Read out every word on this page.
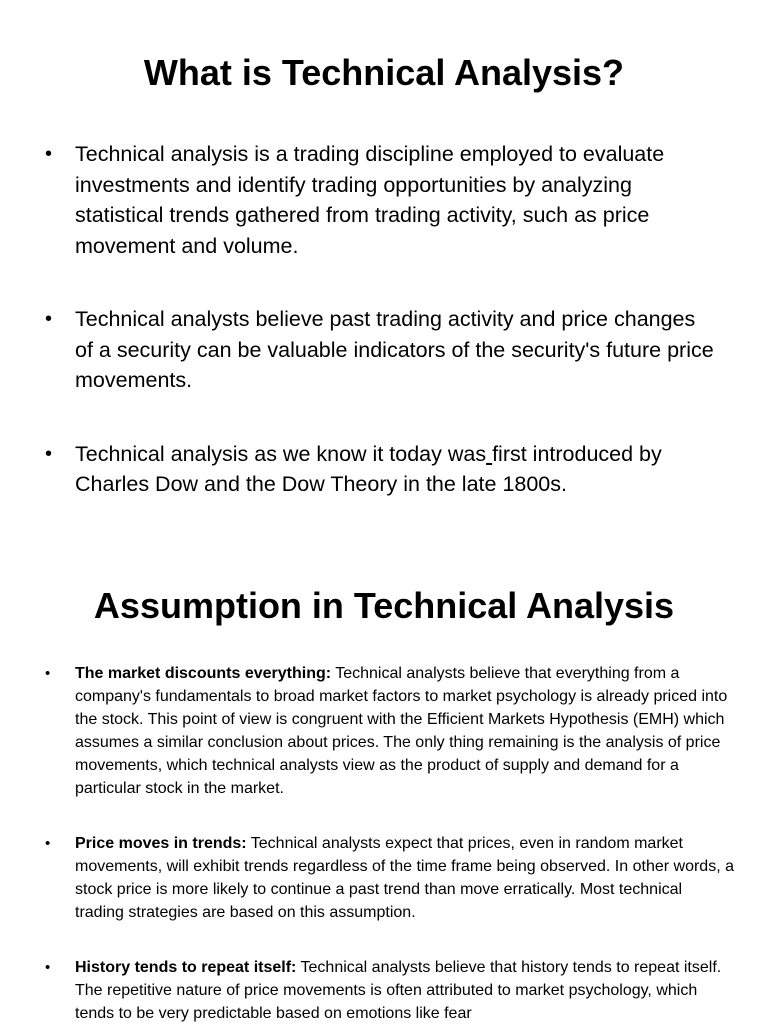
What is Technical Analysis?
• Technical analysis is a trading discipline employed to evaluate investments and identify trading opportunities by analyzing statistical trends gathered from trading activity, such as price movement and volume.
• Technical analysts believe past trading activity and price changes of a security can be valuable indicators of the security's future price movements.
• Technical analysis as we know it today was first introduced by Charles Dow and the Dow Theory in the late 1800s.
Assumption in Technical Analysis
• The market discounts everything: Technical analysts believe that everything from a company's fundamentals to broad market factors to market psychology is already priced into the stock. This point of view is congruent with the Efficient Markets Hypothesis (EMH) which assumes a similar conclusion about prices. The only thing remaining is the analysis of price movements, which technical analysts view as the product of supply and demand for a particular stock in the market.
• Price moves in trends: Technical analysts expect that prices, even in random market movements, will exhibit trends regardless of the time frame being observed. In other words, a stock price is more likely to continue a past trend than move erratically. Most technical trading strategies are based on this assumption.
• History tends to repeat itself: Technical analysts believe that history tends to repeat itself. The repetitive nature of price movements is often attributed to market psychology, which tends to be very predictable based on emotions like fear
